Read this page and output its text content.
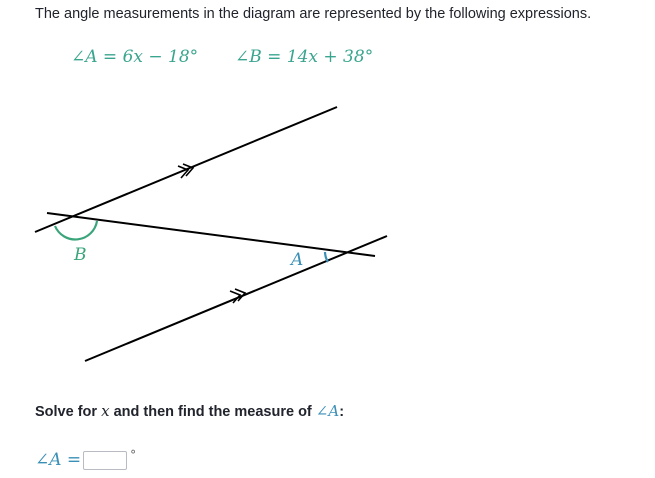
The angle measurements in the diagram are represented by the following expressions.
∠A = 6x − 18° ∠B = 14x + 38°
B	A
Solve for x and then find the measure of ∠A:
∠A =	°
